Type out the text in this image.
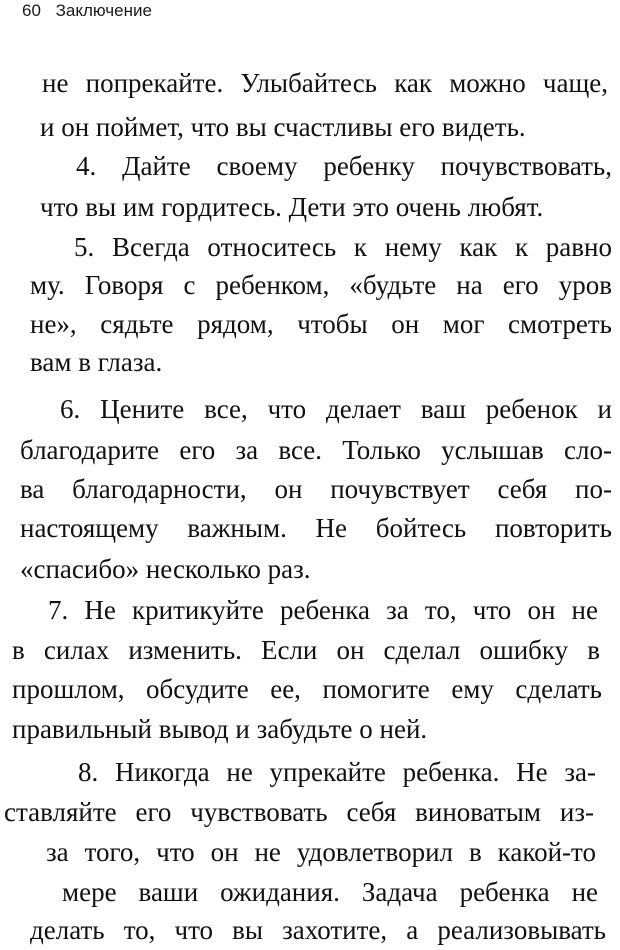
60 Заключение
не попрекайте. Улыбайтесь как можно чаще,
и он поймет, что вы счастливы его видеть.
4. Дайте своему ребенку почувствовать,
что вы им гордитесь. Дети это очень любят.
5. Всегда относитесь к нему как к равно
му. Говоря с ребенком, «будьте на его уров
не», сядьте рядом, чтобы он мог смотреть
вам в глаза.
6. Цените все, что делает ваш ребенок и
благодарите его за все. Только услышав сло-
ва благодарности, он почувствует себя по-
настоящему важным. Не бойтесь повторить
«спасибо» несколько раз.
7. Не критикуйте ребенка за то, что он не
в силах изменить. Если он сделал ошибку в
прошлом, обсудите ее, помогите ему сделать
правильный вывод и забудьте о ней.
8. Никогда не упрекайте ребенка. Не за-
ставляйте его чувствовать себя виноватым из-
за того, что он не удовлетворил в какой-то
мере ваши ожидания. Задача ребенка не
делать то, что вы захотите, а реализовывать
